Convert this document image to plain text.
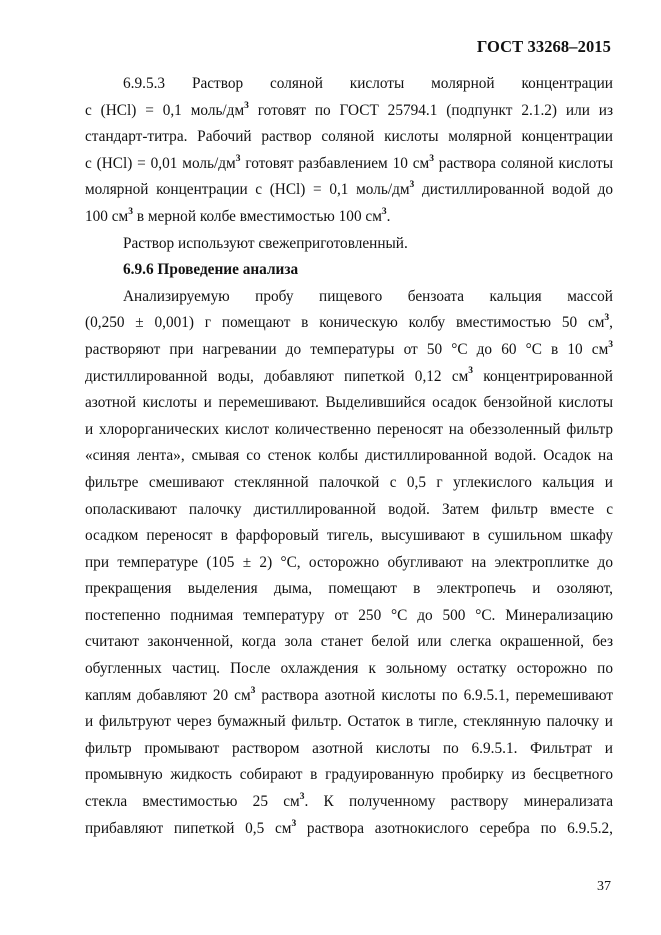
ГОСТ 33268–2015
6.9.5.3 Раствор соляной кислоты молярной концентрации
c (HCl) = 0,1 моль/$дм^3$ готовят по ГОСТ 25794.1 (подпункт 2.1.2) или из
стандарт-титра. Рабочий раствор соляной кислоты молярной концентрации
c (HCl) = 0,01 моль/$дм^3$ готовят разбавлением 10 $см^3$ раствора соляной кислоты
молярной концентрации c (HCl) = 0,1 моль/$дм^3$ дистиллированной водой до
100 $см^3$ в мерной колбе вместимостью 100 $см^3$.
Раствор используют свежеприготовленный.
6.9.6 Проведение анализа
Анализируемую пробу пищевого бензоата кальция массой
(0,250 ± 0,001) г помещают в коническую колбу вместимостью 50 $см^3$,
растворяют при нагревании до температуры от 50 °C до 60 °C в 10 $см^3$
дистиллированной воды, добавляют пипеткой 0,12 $см^3$ концентрированной
азотной кислоты и перемешивают. Выделившийся осадок бензойной кислоты
и хлорорганических кислот количественно переносят на обеззоленный фильтр
«синяя лента», смывая со стенок колбы дистиллированной водой. Осадок на
фильтре смешивают стеклянной палочкой с 0,5 г углекислого кальция и
ополаскивают палочку дистиллированной водой. Затем фильтр вместе с
осадком переносят в фарфоровый тигель, высушивают в сушильном шкафу
при температуре (105 ± 2) °C, осторожно обугливают на электроплитке до
прекращения выделения дыма, помещают в электропечь и озоляют,
постепенно поднимая температуру от 250 °C до 500 °C. Минерализацию
считают законченной, когда зола станет белой или слегка окрашенной, без
обугленных частиц. После охлаждения к зольному остатку осторожно по
каплям добавляют 20 $см^3$ раствора азотной кислоты по 6.9.5.1, перемешивают
и фильтруют через бумажный фильтр. Остаток в тигле, стеклянную палочку и
фильтр промывают раствором азотной кислоты по 6.9.5.1. Фильтрат и
промывную жидкость собирают в градуированную пробирку из бесцветного
стекла вместимостью 25 $см^3$. К полученному раствору минерализата
прибавляют пипеткой 0,5 $см^3$ раствора азотнокислого серебра по 6.9.5.2,
37
